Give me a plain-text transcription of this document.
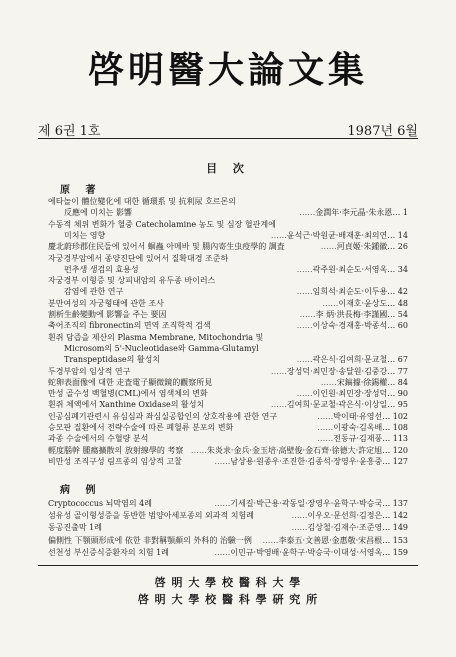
啓明醫大論文集
제 6권 1호	1987년 6월
目 次
原 著
에타놀이 體位變化에 대한 循環系 및 抗利尿 호르몬의
反應에 미치는 影響	……金潤年·李元晶·朱永恩… 1
수동적 체위 변화가 혈중 Catecholamine 농도 및 심장 혈관계에
미치는 영향	……윤석근·박원균·배재훈·최의연… 14
慶北蔚珍郡住民들에 있어서 蛔蟲 아메바 및 腸內寄生虫疫學的 調査	……河貞姬·朱鍾徽… 26
자궁경부암에서 종양진단에 있어서 질확대경 조준하
펀추생 생검의 효용성	……곽주원·최순도·서영옥… 34
자궁경부 이형증 및 상피내암의 유두종 바이러스
감염에 관한 연구	……임희석·최순도·이두용… 42
분만여성의 자궁형태에 관한 조사	……이재호·윤상도… 48
割析生齡變動에 影響을 주는 要因	……李 炳·洪長梅·李謹國… 54
축어조직의 fibronectin의 면역 조직학적 검색	……이상숙·경재홍·박종석… 60
흰쥐 담즙을 제산의 Plasma Membrane, Mitochondria 및
Microsom의 5'-Nucleotidase와 Gamma-Glutamyl
Transpeptidase의 활성치	……곽은식·김여희·문교철… 67
두경부암의 임상적 연구	……장성덕·최민장·송달원·김중강… 77
蛇卵表面像에 대한 走査電子顯微鏡的觀察所見	……宋鎬據·徐錫權… 84
만성 골수성 백혈병(CML)에서 염색체의 변화	……이인원·최민장·장성덕… 90
흰쥐 체액에서 Xanthine Oxidase의 활성치	……김여희·문교철·곽은식·이상일… 95
인공심폐기관련시 유심심과 좌심실공합인의 상호작용에 관한 연구	……박이태·유영선… 102
승모판 질환에서 전략수술에 따른 폐혈류 분포의 변화	……이광숙·김옥배… 108
과종 수술에서의 수혈량 분석	……전동규·김재풍… 113
輕度腦幹 腫瘍擴散의 放射線學的 考察 ……朱炎求·金兵·金玉培·高壁俊·金石齊·徐德大·許定旭… 120
비만성 조직구성 림프종의 임상적 고찰	……남상용·원종우·조진한·김종석·장영우·윤흥중… 127
病 例
Cryptococcus 뇌막염의 4례	……기세길·박근용·곽동일·장영우·윤학구·박승국… 137
섬유성 골이형성증을 동반한 범양아세포종의 외과적 치험례	……이우오·문선희·김정은… 142
동공진출막 1례	……김상철·김재수·조준영… 149
偏側性 下顎頭形成에 依한 非對稱顎顏의 外科的 治驗一例	……李泰五·文善恩·金惠敬·宋昌根… 153
선천성 부신증식증환자의 치험 1례	……이민규·박영배·윤학구·박승국·이대성·서영옥… 159
啓 明 大 學 校 醫 科 大 學
啓 明 大 學 校 醫 科 學 硏 究 所
